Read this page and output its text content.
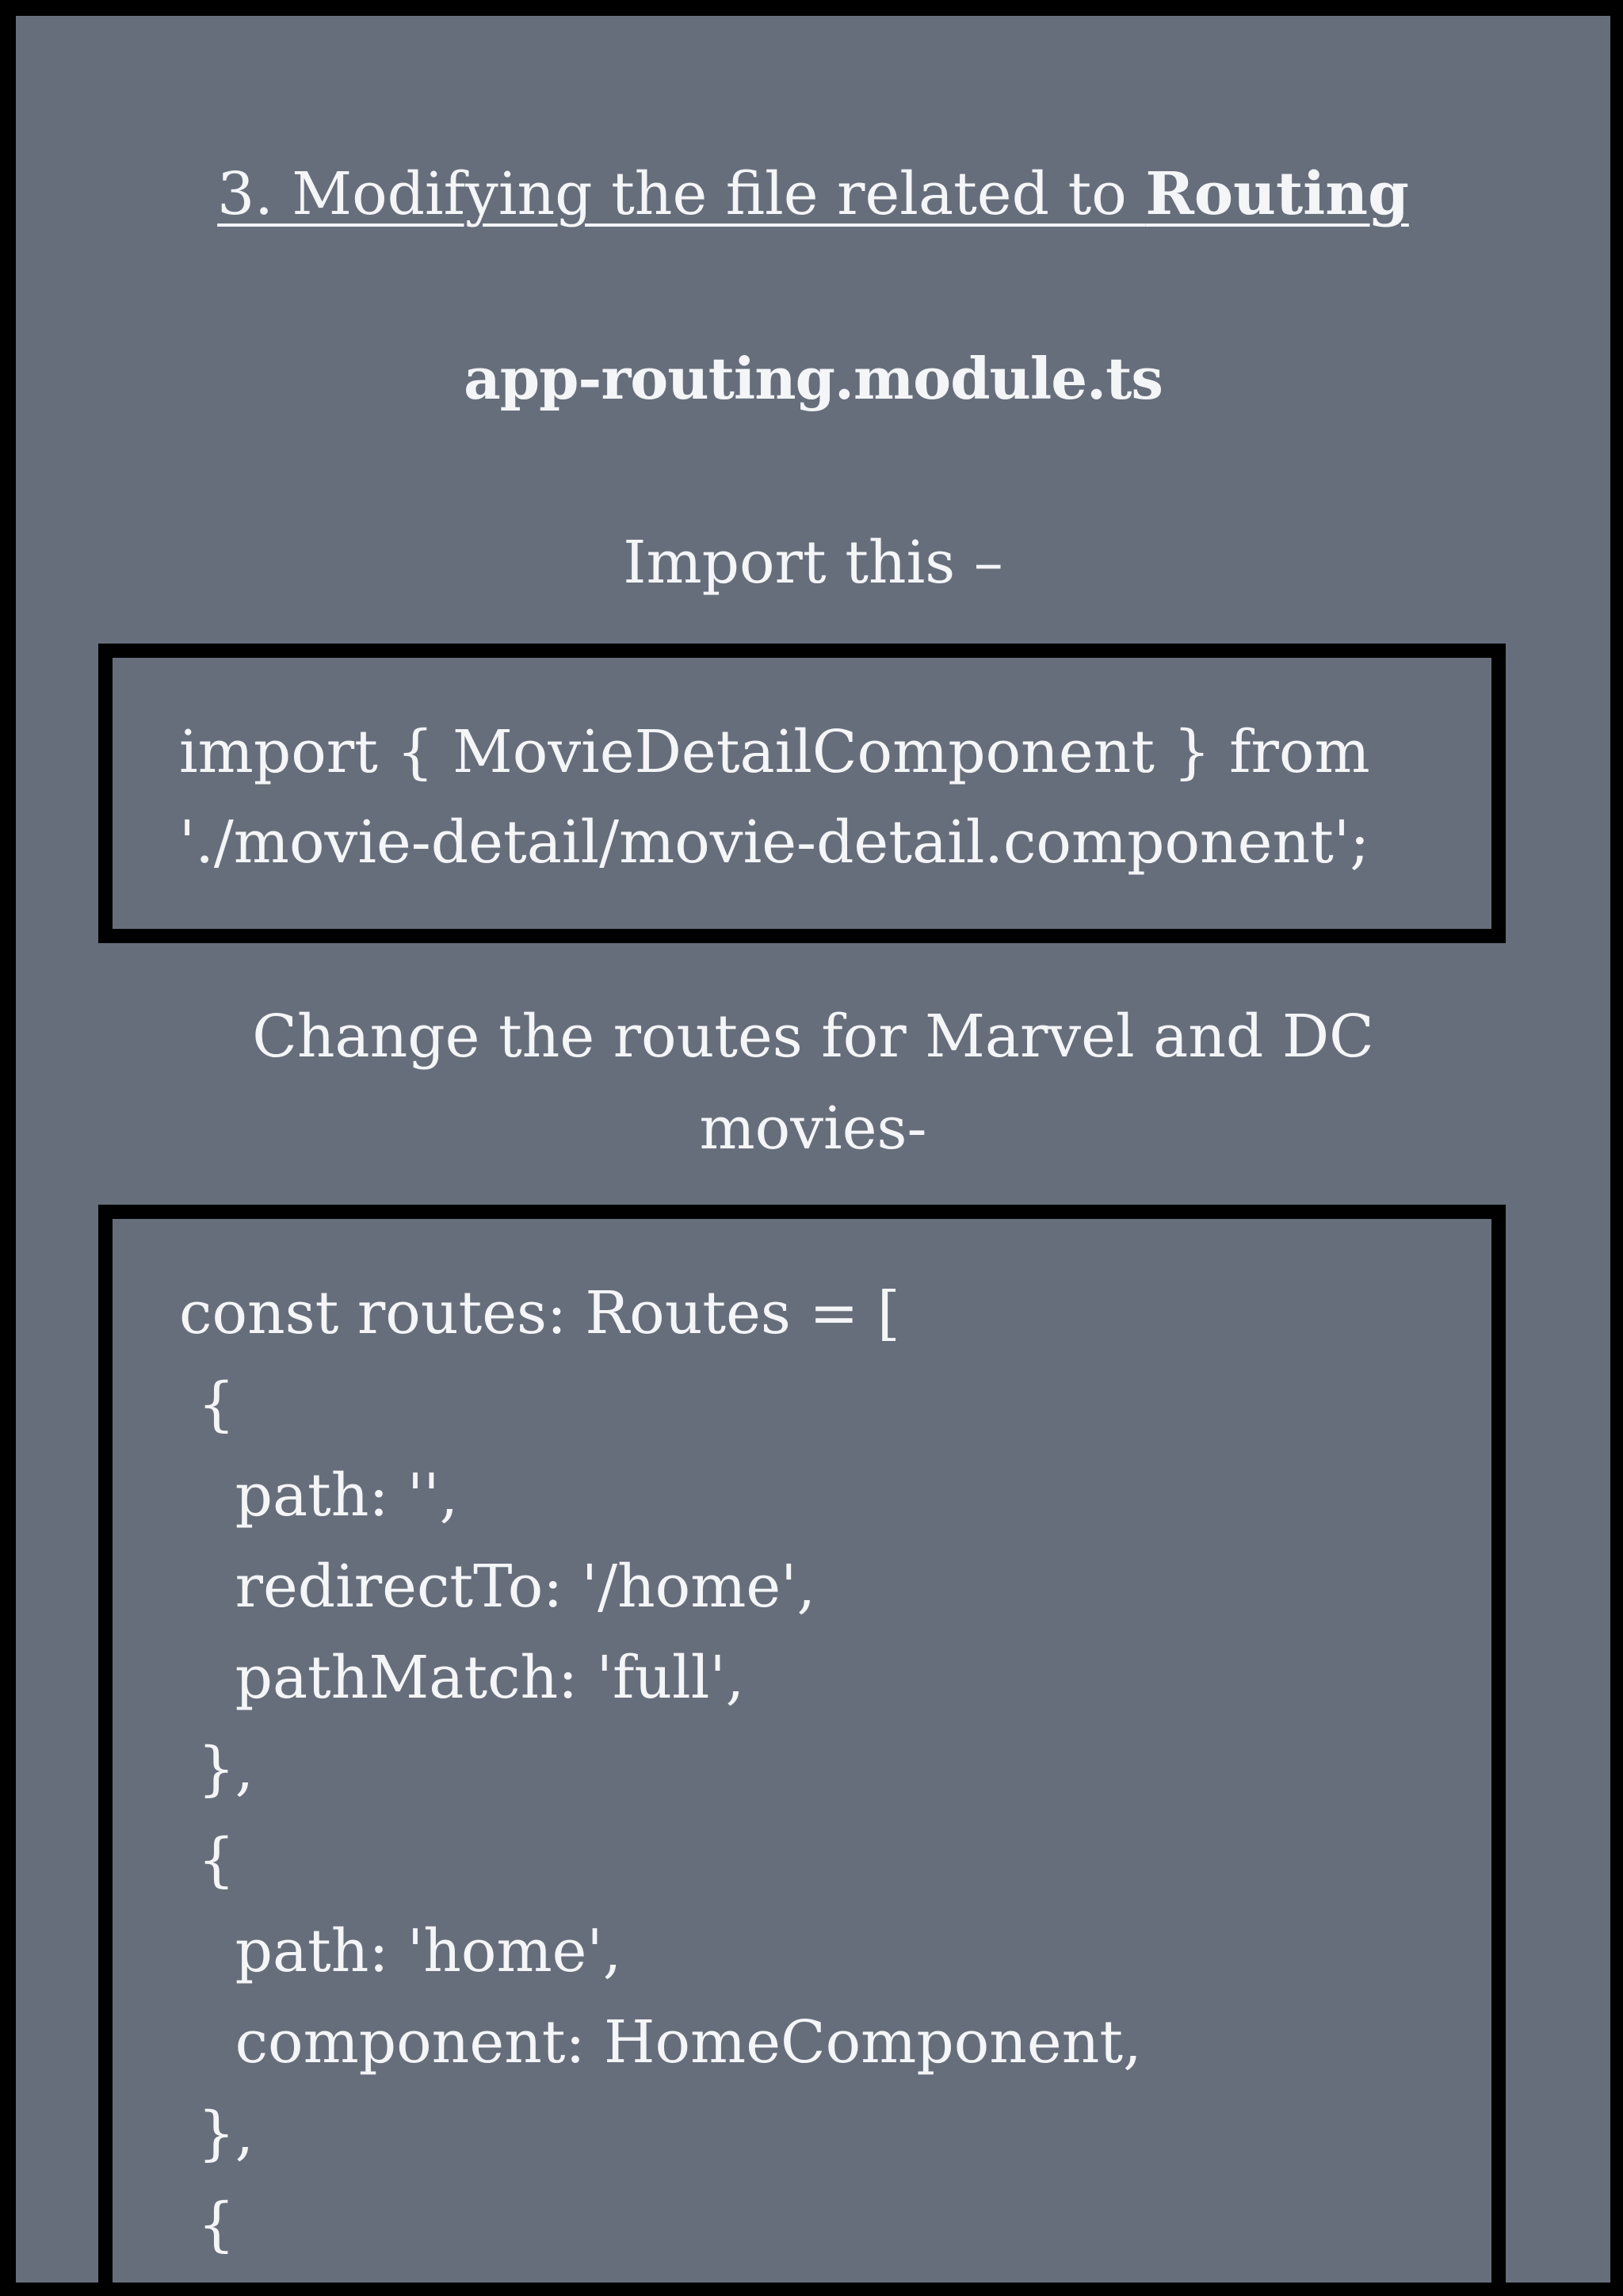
3. Modifying the file related to Routing
app-routing.module.ts
Import this –
import { MovieDetailComponent } from
'./movie-detail/movie-detail.component';
Change the routes for Marvel and DC
movies-
const routes: Routes = [
{
path: '',
redirectTo: '/home',
pathMatch: 'full',
},
{
path: 'home',
component: HomeComponent,
},
{
